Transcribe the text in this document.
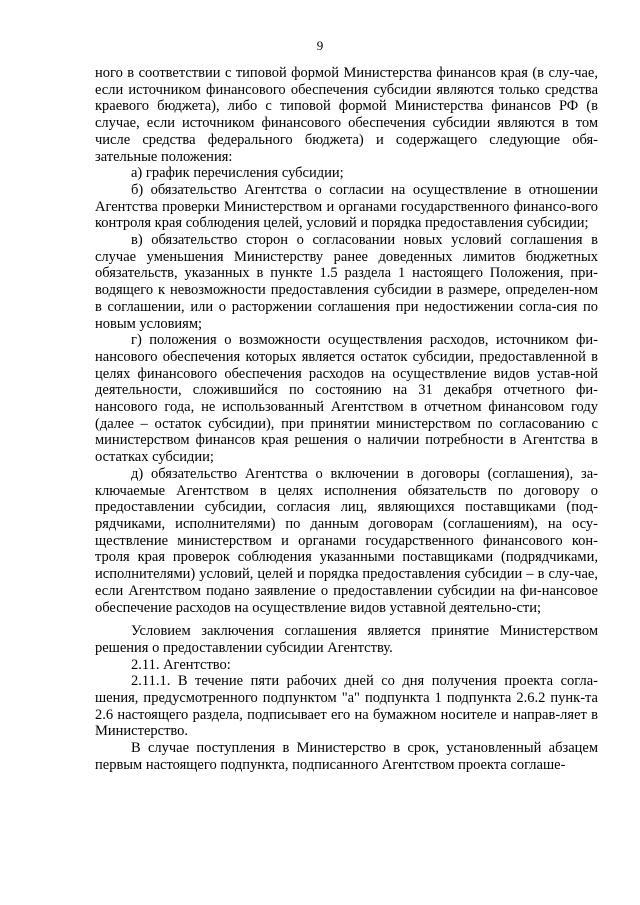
9

ного в соответствии с типовой формой Министерства финансов края (в слу-чае, если источником финансового обеспечения субсидии являются только средства краевого бюджета), либо с типовой формой Министерства финансов РФ (в случае, если источником финансового обеспечения субсидии являются в том числе средства федерального бюджета) и содержащего следующие обя-зательные положения:

а) график перечисления субсидии;

б) обязательство Агентства о согласии на осуществление в отношении Агентства проверки Министерством и органами государственного финансо-вого контроля края соблюдения целей, условий и порядка предоставления субсидии;

в) обязательство сторон о согласовании новых условий соглашения в случае уменьшения Министерству ранее доведенных лимитов бюджетных обязательств, указанных в пункте 1.5 раздела 1 настоящего Положения, при-водящего к невозможности предоставления субсидии в размере, определен-ном в соглашении, или о расторжении соглашения при недостижении согла-сия по новым условиям;

г) положения о возможности осуществления расходов, источником фи-нансового обеспечения которых является остаток субсидии, предоставленной в целях финансового обеспечения расходов на осуществление видов устав-ной деятельности, сложившийся по состоянию на 31 декабря отчетного фи-нансового года, не использованный Агентством в отчетном финансовом году (далее – остаток субсидии), при принятии министерством по согласованию с министерством финансов края решения о наличии потребности в Агентства в остатках субсидии;

д) обязательство Агентства о включении в договоры (соглашения), за-ключаемые Агентством в целях исполнения обязательств по договору о предоставлении субсидии, согласия лиц, являющихся поставщиками (под-рядчиками, исполнителями) по данным договорам (соглашениям), на осу-ществление министерством и органами государственного финансового кон-троля края проверок соблюдения указанными поставщиками (подрядчиками, исполнителями) условий, целей и порядка предоставления субсидии – в слу-чае, если Агентством подано заявление о предоставлении субсидии на фи-нансовое обеспечение расходов на осуществление видов уставной деятельно-сти;

Условием заключения соглашения является принятие Министерством решения о предоставлении субсидии Агентству.

2.11. Агентство:

2.11.1. В течение пяти рабочих дней со дня получения проекта согла-шения, предусмотренного подпунктом "а" подпункта 1 подпункта 2.6.2 пунк-та 2.6 настоящего раздела, подписывает его на бумажном носителе и направ-ляет в Министерство.

В случае поступления в Министерство в срок, установленный абзацем первым настоящего подпункта, подписанного Агентством проекта соглаше-
